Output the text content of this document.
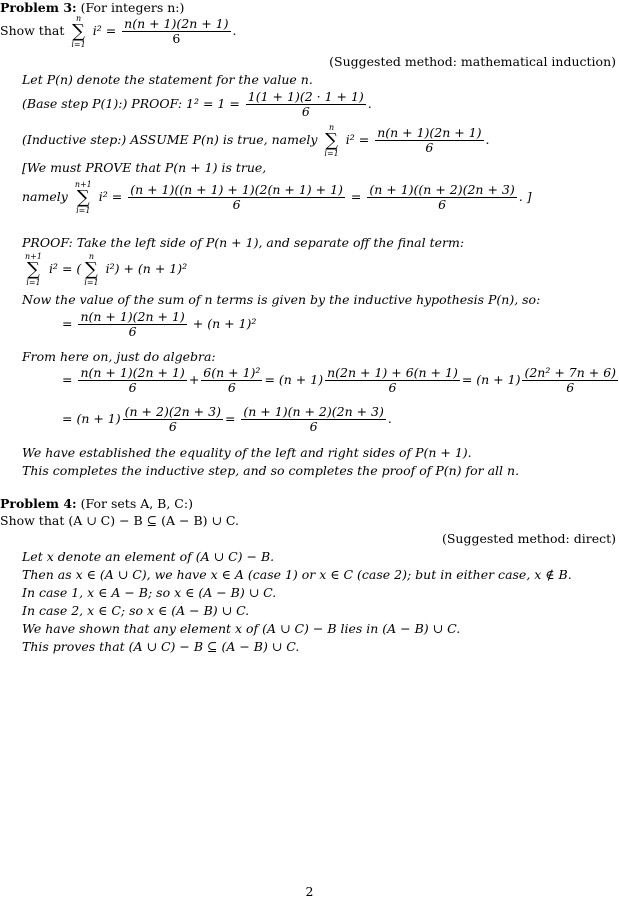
Problem 3: (For integers n:)
Show that
n
∑
i=1
$i^2 = \frac{n(n + 1)(2n + 1)}{6}$ .
(Suggested method: mathematical induction)
Let P(n) denote the statement for the value n.
(Base step P(1):) PROOF: $1^2 = 1 = \frac{1(1 + 1)(2 \cdot 1 + 1)}{6}$ .
(Inductive step:) ASSUME P(n) is true, namely
n
∑
i=1
$i^2 = \frac{n(n + 1)(2n + 1)}{6}$ .
[We must PROVE that P(n + 1) is true,
namely
n+1
∑
i=1
$i^2 = \frac{(n + 1)((n + 1) + 1)(2(n + 1) + 1)}{6} = \frac{(n + 1)((n + 2)(2n + 3)}{6}$ . ]
PROOF: Take the left side of P(n + 1), and separate off the final term:
n+1
∑
i=1
i² = (
n
∑
i=1
i²) + (n + 1)²
Now the value of the sum of n terms is given by the inductive hypothesis P(n), so:
= $\frac{n(n + 1)(2n + 1)}{6} + (n + 1)^2$
From here on, just do algebra:
= $\frac{n(n + 1)(2n + 1)}{6} + \frac{\text{6(n + 1)²}}{6} = (n + 1) \frac{n(2n + 1) + 6(n + 1)}{6} = (n + 1) \frac{\text{(2n² + 7n + 6)}}{6}$
= $(n + 1) \frac{(n + 2)(2n + 3)}{6} = \frac{(n + 1)(n + 2)(2n + 3)}{6}$ .
We have established the equality of the left and right sides of P(n + 1).
This completes the inductive step, and so completes the proof of P(n) for all n.
Problem 4: (For sets A, B, C:)
Show that (A ∪ C) − B ⊆ (A − B) ∪ C.
(Suggested method: direct)
Let x denote an element of (A ∪ C) − B.
Then as x ∈ (A ∪ C), we have x ∈ A (case 1) or x ∈ C (case 2); but in either case, x ∉ B.
In case 1, x ∈ A − B; so x ∈ (A − B) ∪ C.
In case 2, x ∈ C; so x ∈ (A − B) ∪ C.
We have shown that any element x of (A ∪ C) − B lies in (A − B) ∪ C.
This proves that (A ∪ C) − B ⊆ (A − B) ∪ C.
2
